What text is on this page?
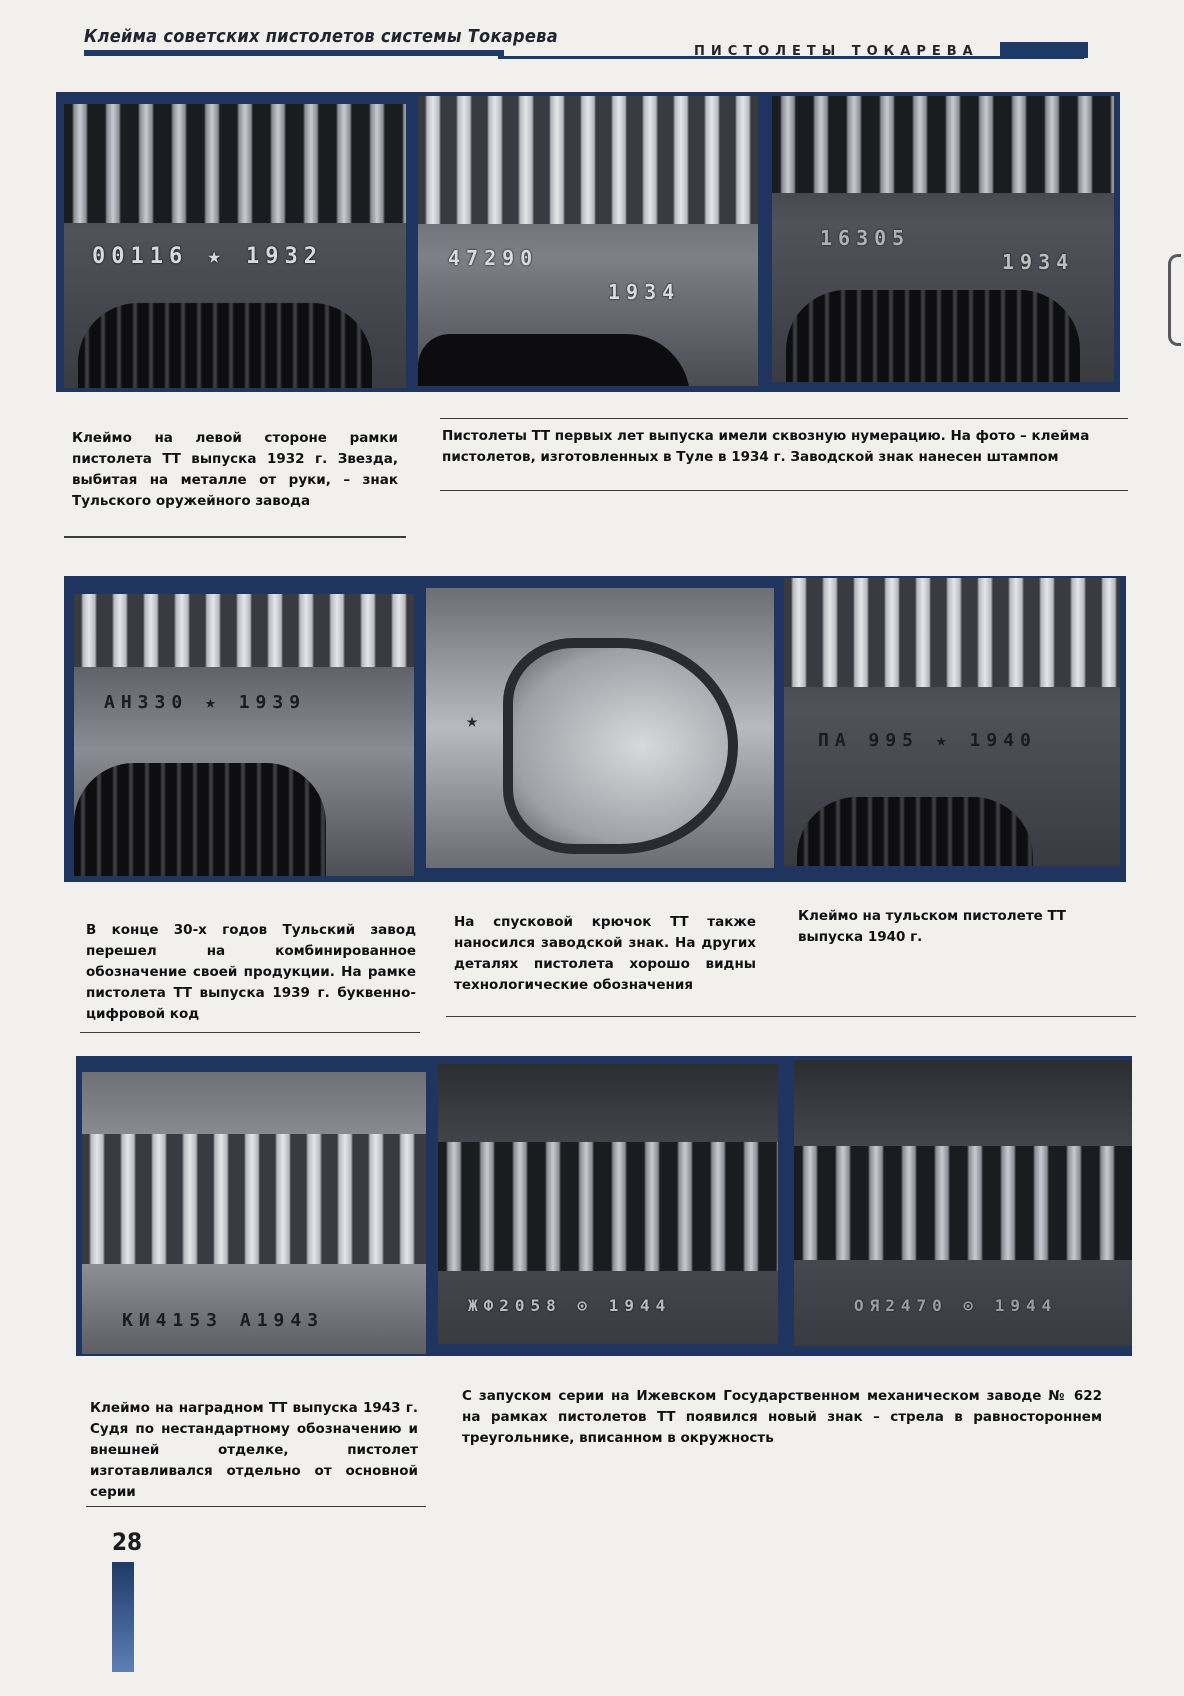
Клейма советских пистолетов системы Токарева
ПИСТОЛЕТЫ ТОКАРЕВА
00116 ★ 1932	47290
1934
16305
1934
Клеймо на левой стороне рамки пистолета ТТ выпуска 1932 г. Звезда, выбитая на металле от руки, – знак Тульского оружейного завода
Пистолеты ТТ первых лет выпуска имели сквозную нумерацию. На фото – клейма пистолетов, изготовленных в Туле в 1934 г. Заводской знак нанесен штампом
АН330 ★ 1939
★
ПА 995 ★ 1940
В конце 30-х годов Тульский завод перешел на комбинированное обозначение своей продукции. На рамке пистолета ТТ выпуска 1939 г. буквенно-цифровой код
На спусковой крючок ТТ также наносился заводской знак. На других деталях пистолета хорошо видны технологические обозначения
Клеймо на тульском пистолете ТТ выпуска 1940 г.
КИ4153 А1943
ЖФ2058 ⊙ 1944	ОЯ2470 ⊙ 1944
Клеймо на наградном ТТ выпуска 1943 г. Судя по нестандартному обозначению и внешней отделке, пистолет изготавливался отдельно от основной серии
С запуском серии на Ижевском Государственном механическом заводе № 622 на рамках пистолетов ТТ появился новый знак – стрела в равностороннем треугольнике, вписанном в окружность
28
